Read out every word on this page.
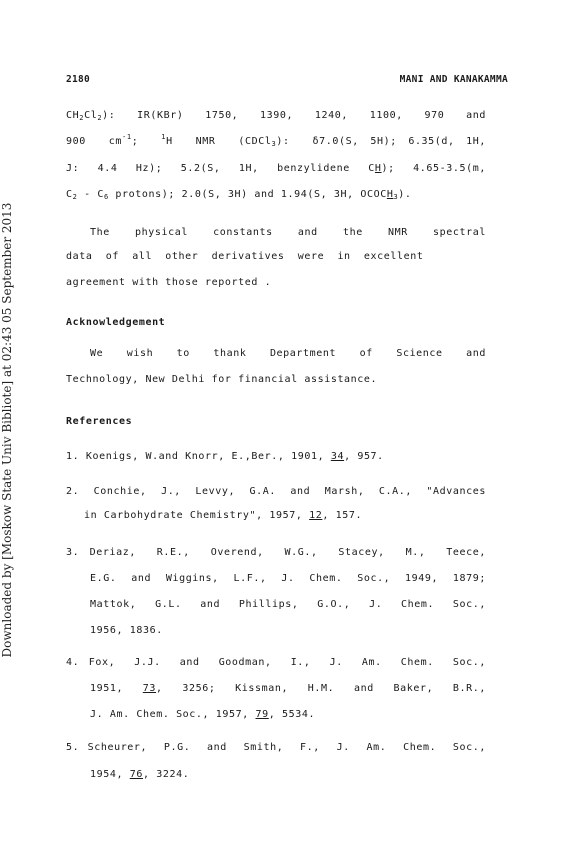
Downloaded by [Moskow State Univ Bibliote] at 02:43 05 September 2013
2180	MANI AND KANAKAMMA
$CH_2Cl_2$):  IR(KBr)  1750,  1390,  1240,  1100,  970  and
900  $cm^{-1}$;  $^1$H  NMR  (CDCl$_3$):  δ7.0(S, 5H); 6.35(d, 1H,
J:  4.4  Hz);  5.2(S,  1H,  benzylidene  CH);  4.65-3.5(m,
$C_2 - C_6$ protons); 2.0(S, 3H) and 1.94(S, 3H, $OCOCH_3$).
The  physical  constants  and  the  NMR  spectral
data  of  all  other  derivatives  were  in  excellent
agreement with those reported .
Acknowledgement
We  wish  to  thank  Department  of  Science  and
Technology, New Delhi for financial assistance.
References
1. Koenigs, W.and Knorr, E.,Ber., 1901, 34, 957.
2. Conchie, J., Levvy, G.A. and Marsh, C.A., "Advances
in Carbohydrate Chemistry", 1957, 12, 157.
3. Deriaz,  R.E.,  Overend,  W.G.,  Stacey,  M.,  Teece,
E.G. and Wiggins, L.F., J. Chem. Soc., 1949, 1879;
Mattok,  G.L.  and  Phillips,  G.O.,  J.  Chem.  Soc.,
1956, 1836.
4. Fox,  J.J.  and  Goodman,  I.,  J.  Am.  Chem.  Soc.,
1951,  73,  3256;  Kissman,  H.M.  and  Baker,  B.R.,
J. Am. Chem. Soc., 1957, 79, 5534.
5. Scheurer,  P.G.  and  Smith,  F.,  J.  Am.  Chem.  Soc.,
1954, 76, 3224.
